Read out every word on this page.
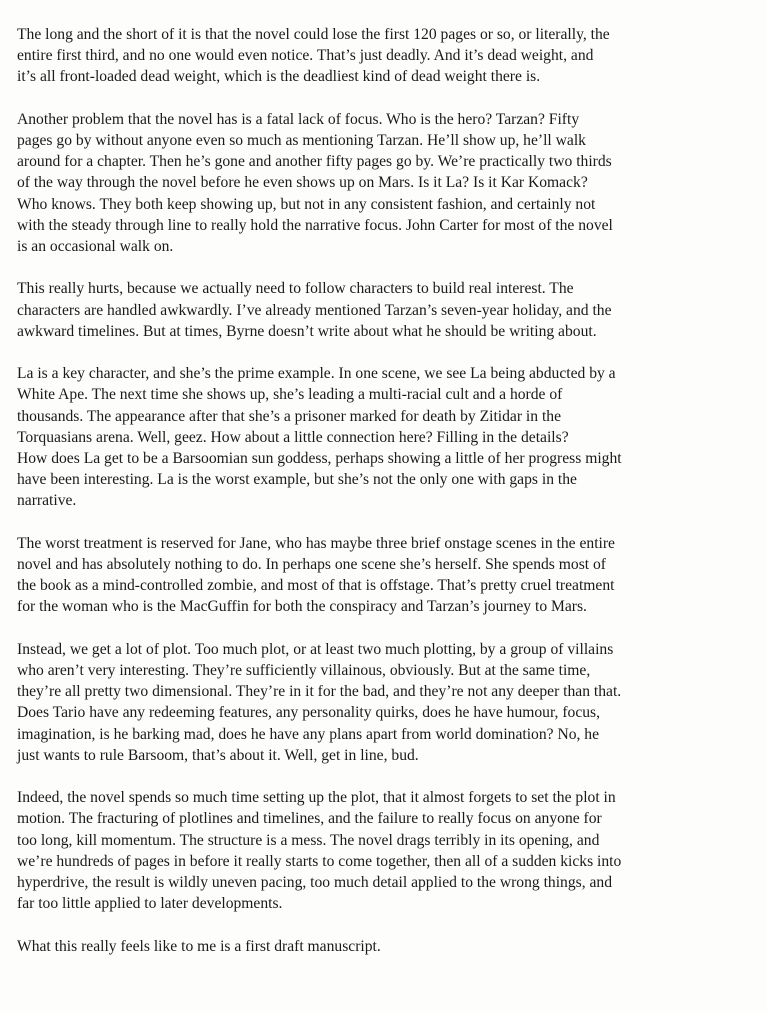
The long and the short of it is that the novel could lose the first 120 pages or so, or literally, the
entire first third, and no one would even notice. That’s just deadly. And it’s dead weight, and
it’s all front-loaded dead weight, which is the deadliest kind of dead weight there is.

Another problem that the novel has is a fatal lack of focus. Who is the hero? Tarzan? Fifty
pages go by without anyone even so much as mentioning Tarzan. He’ll show up, he’ll walk
around for a chapter. Then he’s gone and another fifty pages go by. We’re practically two thirds
of the way through the novel before he even shows up on Mars. Is it La? Is it Kar Komack?
Who knows. They both keep showing up, but not in any consistent fashion, and certainly not
with the steady through line to really hold the narrative focus. John Carter for most of the novel
is an occasional walk on.

This really hurts, because we actually need to follow characters to build real interest. The
characters are handled awkwardly. I’ve already mentioned Tarzan’s seven-year holiday, and the
awkward timelines. But at times, Byrne doesn’t write about what he should be writing about.

La is a key character, and she’s the prime example. In one scene, we see La being abducted by a
White Ape. The next time she shows up, she’s leading a multi-racial cult and a horde of
thousands. The appearance after that she’s a prisoner marked for death by Zitidar in the
Torquasians arena. Well, geez. How about a little connection here? Filling in the details?
How does La get to be a Barsoomian sun goddess, perhaps showing a little of her progress might
have been interesting. La is the worst example, but she’s not the only one with gaps in the
narrative.

The worst treatment is reserved for Jane, who has maybe three brief onstage scenes in the entire
novel and has absolutely nothing to do. In perhaps one scene she’s herself. She spends most of
the book as a mind-controlled zombie, and most of that is offstage. That’s pretty cruel treatment
for the woman who is the MacGuffin for both the conspiracy and Tarzan’s journey to Mars.

Instead, we get a lot of plot. Too much plot, or at least two much plotting, by a group of villains
who aren’t very interesting. They’re sufficiently villainous, obviously. But at the same time,
they’re all pretty two dimensional. They’re in it for the bad, and they’re not any deeper than that.
Does Tario have any redeeming features, any personality quirks, does he have humour, focus,
imagination, is he barking mad, does he have any plans apart from world domination? No, he
just wants to rule Barsoom, that’s about it. Well, get in line, bud.

Indeed, the novel spends so much time setting up the plot, that it almost forgets to set the plot in
motion. The fracturing of plotlines and timelines, and the failure to really focus on anyone for
too long, kill momentum. The structure is a mess. The novel drags terribly in its opening, and
we’re hundreds of pages in before it really starts to come together, then all of a sudden kicks into
hyperdrive, the result is wildly uneven pacing, too much detail applied to the wrong things, and
far too little applied to later developments.

What this really feels like to me is a first draft manuscript.
